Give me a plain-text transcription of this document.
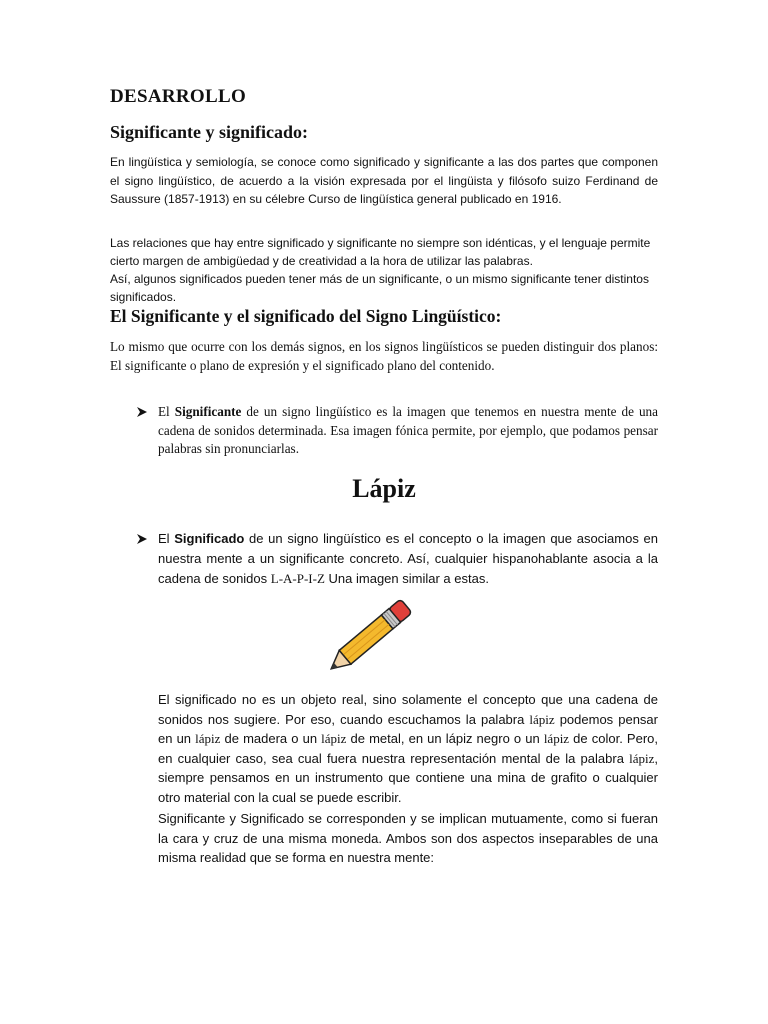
DESARROLLO
Significante y significado:
En lingüística y semiología, se conoce como significado y significante a las dos partes que componen el signo lingüístico, de acuerdo a la visión expresada por el lingüista y filósofo suizo Ferdinand de Saussure (1857-1913) en su célebre Curso de lingüística general publicado en 1916.
Las relaciones que hay entre significado y significante no siempre son idénticas, y el lenguaje permite cierto margen de ambigüedad y de creatividad a la hora de utilizar las palabras.
Así, algunos significados pueden tener más de un significante, o un mismo significante tener distintos significados.
El Significante y el significado del Signo Lingüístico:
Lo mismo que ocurre con los demás signos, en los signos lingüísticos se pueden distinguir dos planos: El significante o plano de expresión y el significado plano del contenido.
El Significante de un signo lingüístico es la imagen que tenemos en nuestra mente de una cadena de sonidos determinada. Esa imagen fónica permite, por ejemplo, que podamos pensar palabras sin pronunciarlas.
Lápiz
El Significado de un signo lingüístico es el concepto o la imagen que asociamos en nuestra mente a un significante concreto. Así, cualquier hispanohablante asocia a la cadena de sonidos L-A-P-I-Z Una imagen similar a estas.
El significado no es un objeto real, sino solamente el concepto que una cadena de sonidos nos sugiere. Por eso, cuando escuchamos la palabra lápiz podemos pensar en un lápiz de madera o un lápiz de metal, en un lápiz negro o un lápiz de color. Pero, en cualquier caso, sea cual fuera nuestra representación mental de la palabra lápiz, siempre pensamos en un instrumento que contiene una mina de grafito o cualquier otro material con la cual se puede escribir.
Significante y Significado se corresponden y se implican mutuamente, como si fueran la cara y cruz de una misma moneda. Ambos son dos aspectos inseparables de una misma realidad que se forma en nuestra mente:
